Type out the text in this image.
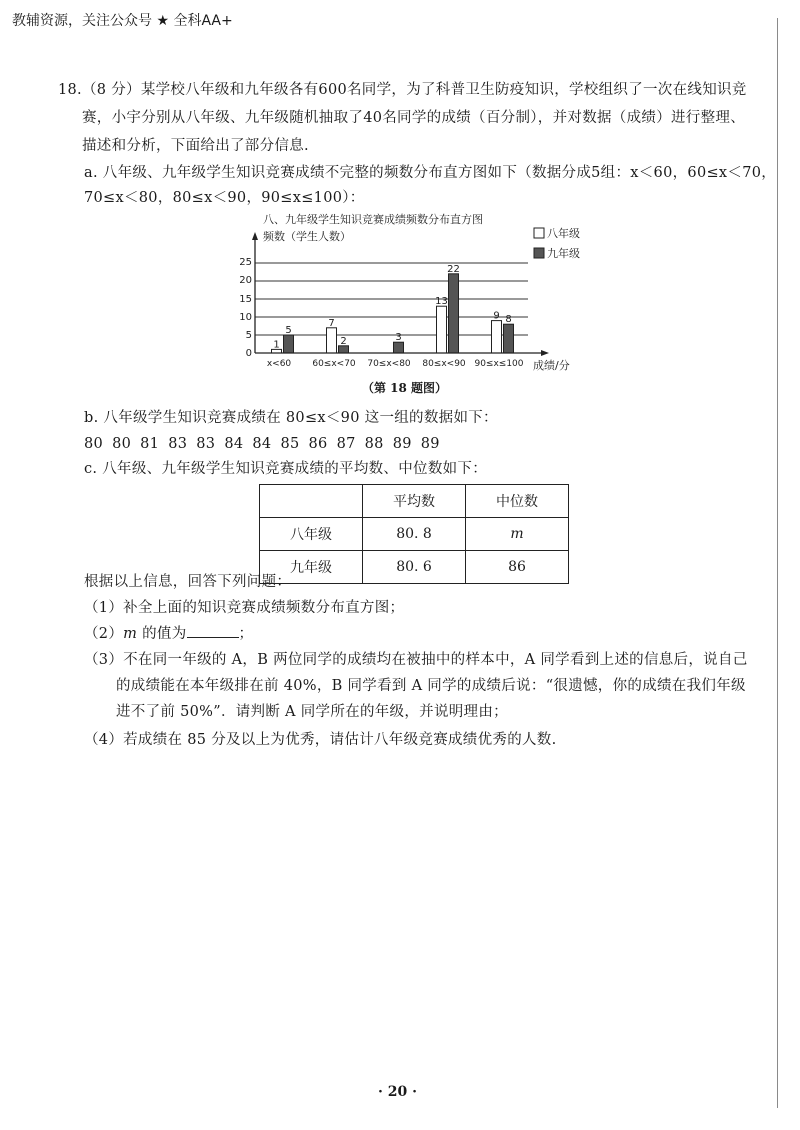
教辅资源，关注公众号 ★ 全科AA+
18. （8 分）某学校八年级和九年级各有600名同学，为了科普卫生防疫知识，学校组织了一次在线知识竞
赛，小宇分别从八年级、九年级随机抽取了40名同学的成绩（百分制），并对数据（成绩）进行整理、
描述和分析，下面给出了部分信息.
a. 八年级、九年级学生知识竞赛成绩不完整的频数分布直方图如下（数据分成5组：x＜60，60≤x＜70，
70≤x＜80，80≤x＜90，90≤x≤100）：
八、九年级学生知识竞赛成绩频数分布直方图
频数（学生人数）
成绩/分
八年级
九年级
0
5
10
15
20
25
x<60 60≤x<70 70≤x<80 80≤x<90 90≤x≤100
1
5
7
2	3
13
22
9 8
（第 18 题图）
b. 八年级学生知识竞赛成绩在 80≤x＜90 这一组的数据如下：
80 80 81 83 83 84 84 85 86 87 88 89 89
c. 八年级、九年级学生知识竞赛成绩的平均数、中位数如下：
	平均数	中位数
八年级	80. 8	m
九年级	80. 6	86
根据以上信息，回答下列问题：
（1）补全上面的知识竞赛成绩频数分布直方图；
（2）m 的值为	；
（3）不在同一年级的 A，B 两位同学的成绩均在被抽中的样本中，A 同学看到上述的信息后，说自己
的成绩能在本年级排在前 40%，B 同学看到 A 同学的成绩后说：“很遗憾，你的成绩在我们年级
进不了前 50%”．请判断 A 同学所在的年级，并说明理由；
（4）若成绩在 85 分及以上为优秀，请估计八年级竞赛成绩优秀的人数.
· 20 ·
